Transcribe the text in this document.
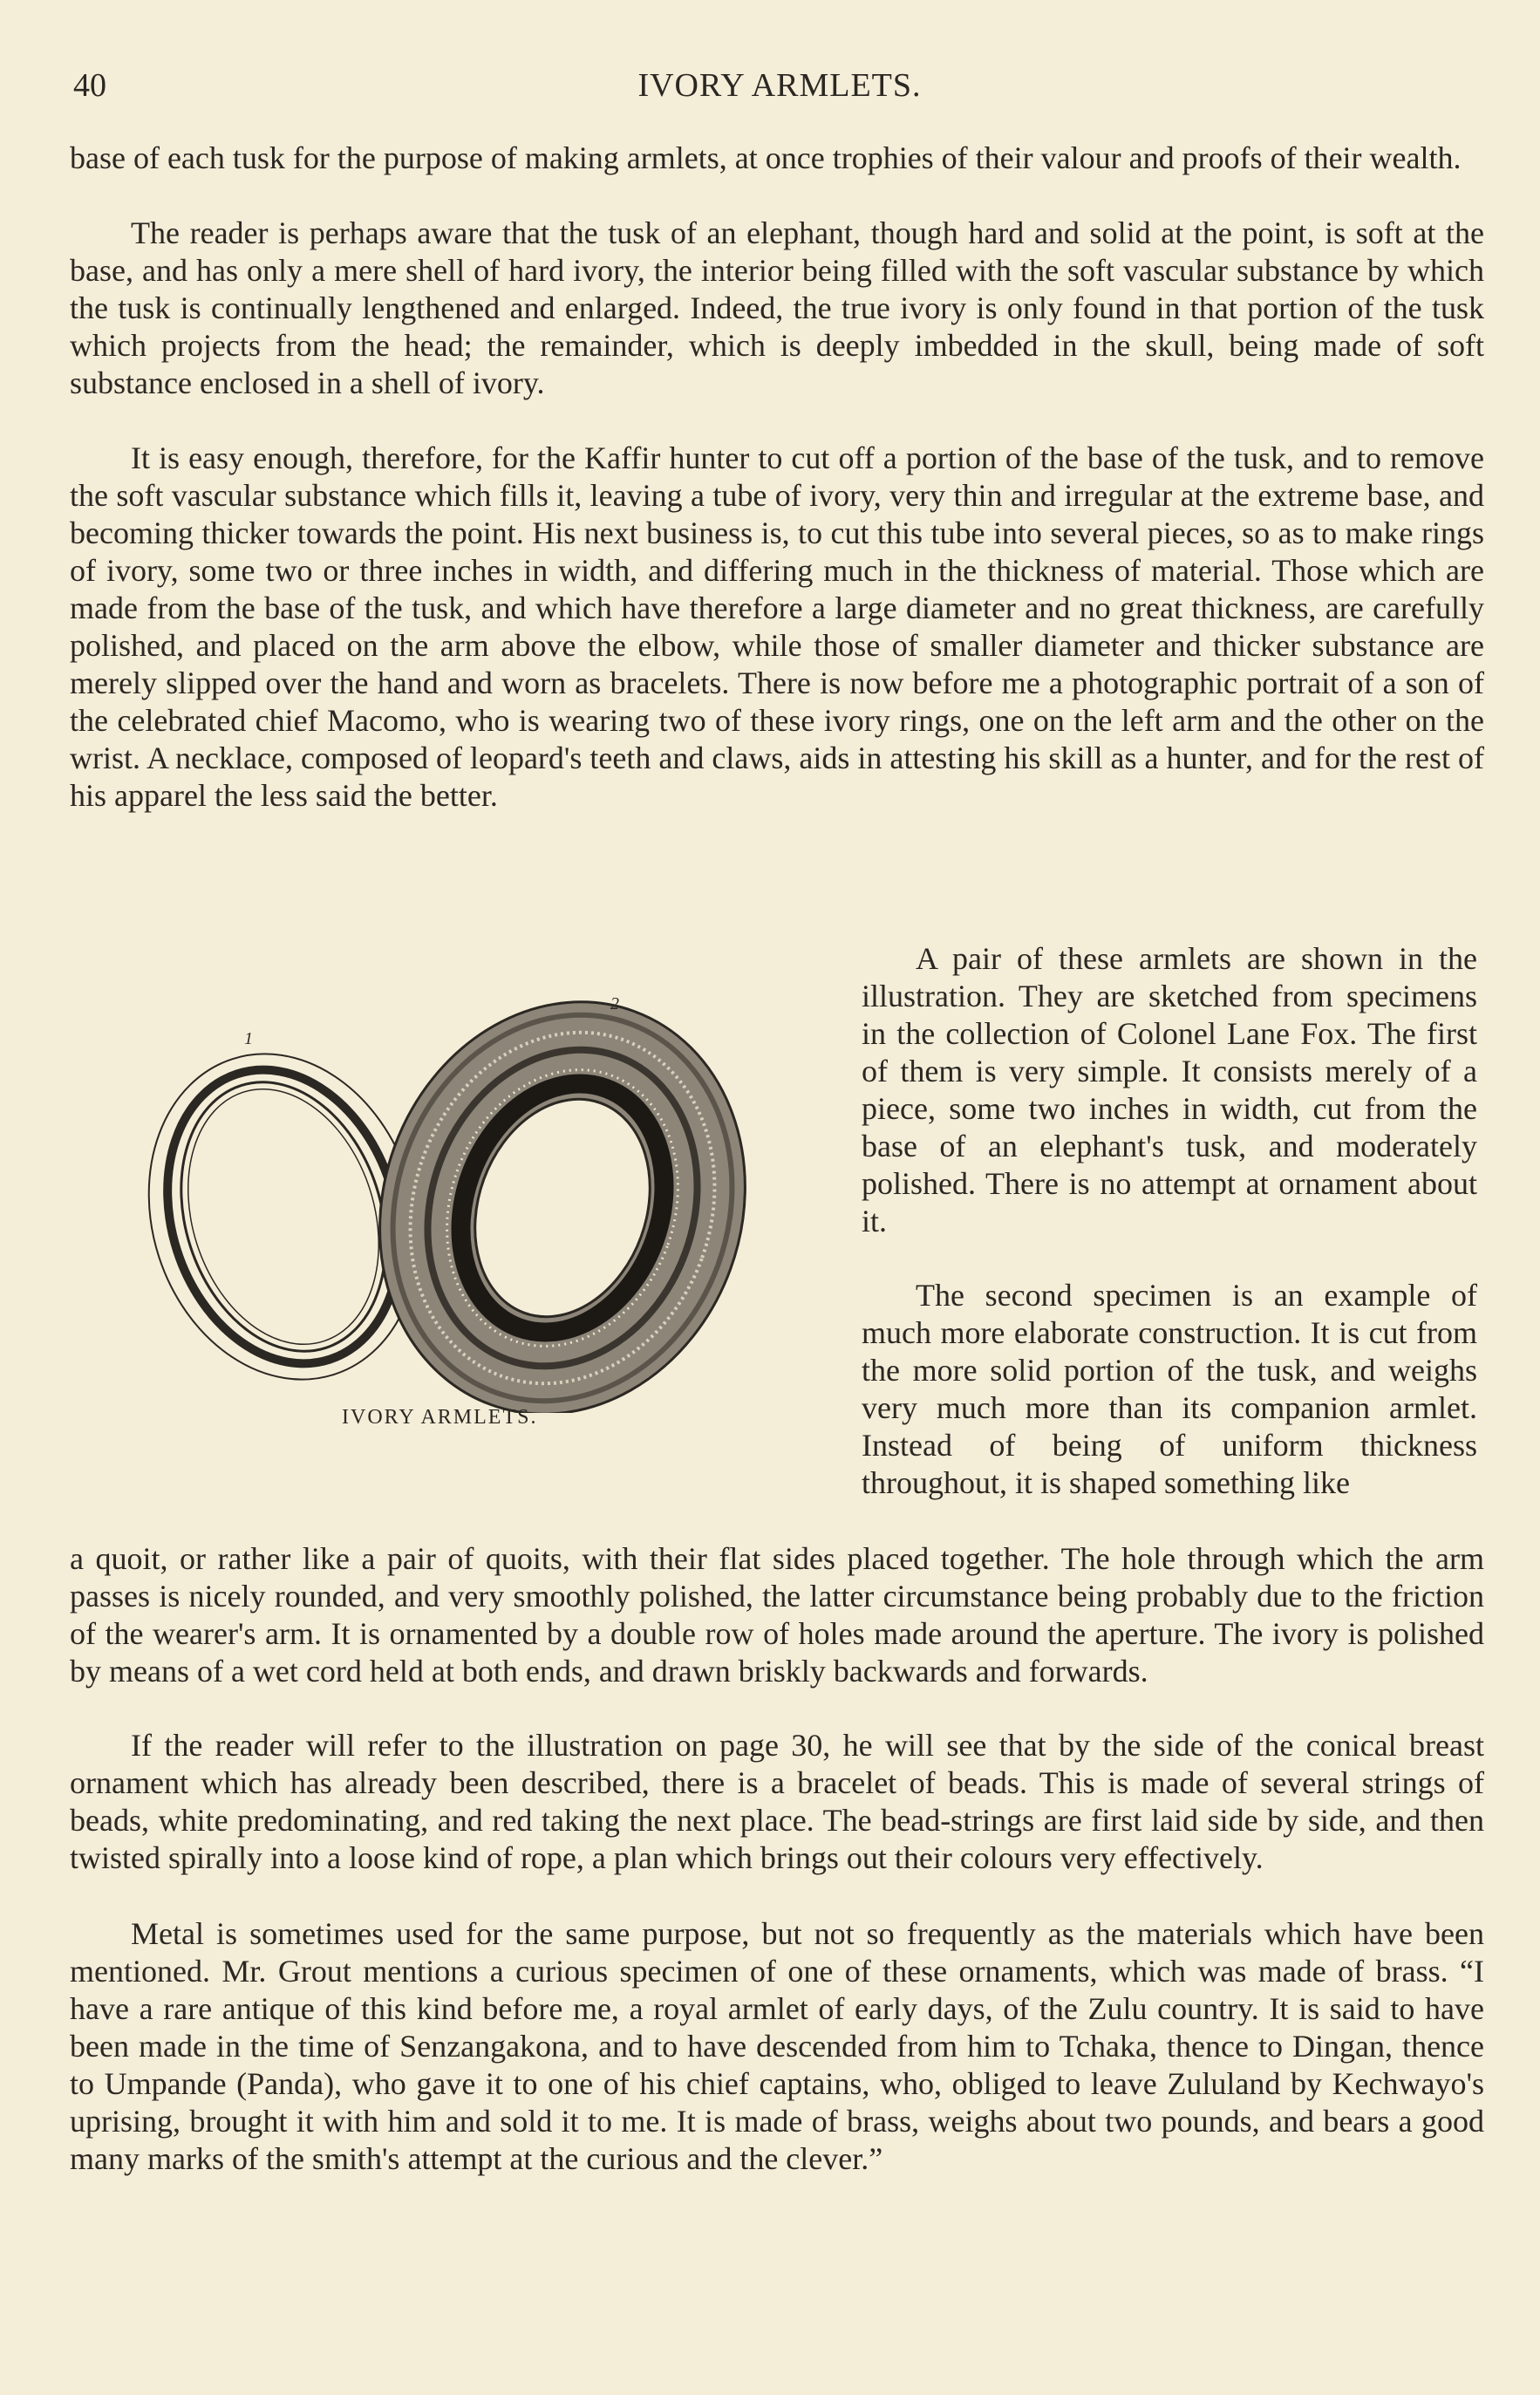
40	IVORY ARMLETS.

base of each tusk for the purpose of making armlets, at once trophies of their valour and proofs of their wealth.

The reader is perhaps aware that the tusk of an elephant, though hard and solid at the point, is soft at the base, and has only a mere shell of hard ivory, the interior being filled with the soft vascular substance by which the tusk is continually lengthened and enlarged. Indeed, the true ivory is only found in that portion of the tusk which projects from the head; the remainder, which is deeply imbedded in the skull, being made of soft substance enclosed in a shell of ivory.

It is easy enough, therefore, for the Kaffir hunter to cut off a portion of the base of the tusk, and to remove the soft vascular substance which fills it, leaving a tube of ivory, very thin and irregular at the extreme base, and becoming thicker towards the point. His next business is, to cut this tube into several pieces, so as to make rings of ivory, some two or three inches in width, and differing much in the thickness of material. Those which are made from the base of the tusk, and which have therefore a large diameter and no great thickness, are carefully polished, and placed on the arm above the elbow, while those of smaller diameter and thicker substance are merely slipped over the hand and worn as bracelets. There is now before me a photographic portrait of a son of the celebrated chief Macomo, who is wearing two of these ivory rings, one on the left arm and the other on the wrist. A necklace, composed of leopard's teeth and claws, aids in attesting his skill as a hunter, and for the rest of his apparel the less said the better.

1
2
IVORY ARMLETS.

A pair of these armlets are shown in the illustration. They are sketched from specimens in the collection of Colonel Lane Fox. The first of them is very simple. It consists merely of a piece, some two inches in width, cut from the base of an elephant's tusk, and moderately polished. There is no attempt at ornament about it.

The second specimen is an example of much more elaborate construction. It is cut from the more solid portion of the tusk, and weighs very much more than its companion armlet. Instead of being of uniform thickness throughout, it is shaped something like

a quoit, or rather like a pair of quoits, with their flat sides placed together. The hole through which the arm passes is nicely rounded, and very smoothly polished, the latter circumstance being probably due to the friction of the wearer's arm. It is ornamented by a double row of holes made around the aperture. The ivory is polished by means of a wet cord held at both ends, and drawn briskly backwards and forwards.

If the reader will refer to the illustration on page 30, he will see that by the side of the conical breast ornament which has already been described, there is a bracelet of beads. This is made of several strings of beads, white predominating, and red taking the next place. The bead-strings are first laid side by side, and then twisted spirally into a loose kind of rope, a plan which brings out their colours very effectively.

Metal is sometimes used for the same purpose, but not so frequently as the materials which have been mentioned. Mr. Grout mentions a curious specimen of one of these ornaments, which was made of brass. “I have a rare antique of this kind before me, a royal armlet of early days, of the Zulu country. It is said to have been made in the time of Senzangakona, and to have descended from him to Tchaka, thence to Dingan, thence to Umpande (Panda), who gave it to one of his chief captains, who, obliged to leave Zululand by Kechwayo's uprising, brought it with him and sold it to me. It is made of brass, weighs about two pounds, and bears a good many marks of the smith's attempt at the curious and the clever.”
